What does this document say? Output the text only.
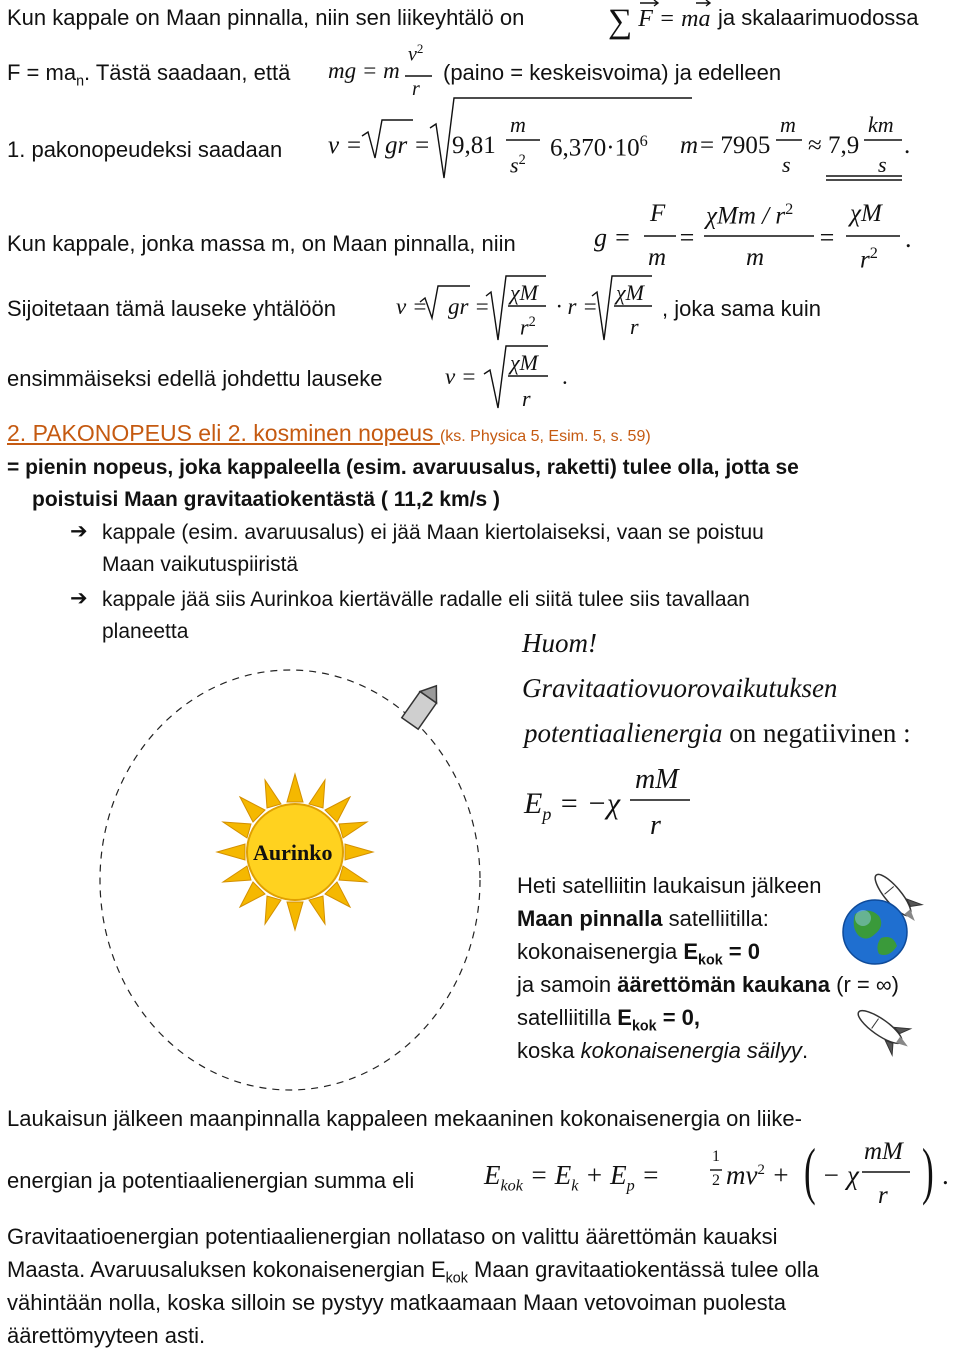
Kun kappale on Maan pinnalla, niin sen liikeyhtälö on ∑ F = ma ja skalaarimuodossa
$F = ma_n$. Tästä saadaan, että mg = m
$v^2$
r
(paino = keskeisvoima) ja edelleen
1. pakonopeudeksi saadaan v = gr = 9,81
m
$s^2$ $6,370\cdot 10^6$ m = 7905
m
s
≈ 7,9
km
s
.
Kun kappale, jonka massa m, on Maan pinnalla, niin	g =
F
m
=
χMm / $r^2$
m
=
χM
$r^2$ .
Sijoitetaan tämä lauseke yhtälöön	v = gr =
χM
$r^2$
· r =
χM
r
, joka sama kuin
ensimmäiseksi edellä johdettu lauseke	v =
χM
r
.
2. PAKONOPEUS eli 2. kosminen nopeus (ks. Physica 5, Esim. 5, s. 59)
= pienin nopeus, joka kappaleella (esim. avaruusalus, raketti) tulee olla, jotta se
poistuisi Maan gravitaatiokentästä ( 11,2 km/s )
➔ kappale (esim. avaruusalus) ei jää Maan kiertolaiseksi, vaan se poistuu
Maan vaikutuspiiristä
➔ kappale jää siis Aurinkoa kiertävälle radalle eli siitä tulee siis tavallaan
planeetta	Huom!
Gravitaatiovuorovaikutuksen
potentiaalienergia on negatiivinen :
$E_p = -\chi$
mM
r
Heti satelliitin laukaisun jälkeen
Maan pinnalla satelliitilla:
kokonaisenergia $E_{kok} = 0$
ja samoin äärettömän kaukana (r = ∞)
satelliitilla $E_{kok} = 0$,
koska kokonaisenergia säilyy.
Laukaisun jälkeen maanpinnalla kappaleen mekaaninen kokonaisenergia on liike-
energian ja potentiaalienergian summa eli	$E_{kok} = E_k + E_p$ =
1
2 $mv^2$ + ( − χ
mM
r ) .
Gravitaatioenergian potentiaalienergian nollataso on valittu äärettömän kauaksi
Maasta. Avaruusaluksen kokonaisenergian $E_{kok}$ Maan gravitaatiokentässä tulee olla
vähintään nolla, koska silloin se pystyy matkaamaan Maan vetovoiman puolesta
äärettömyyteen asti.
Aurinko
